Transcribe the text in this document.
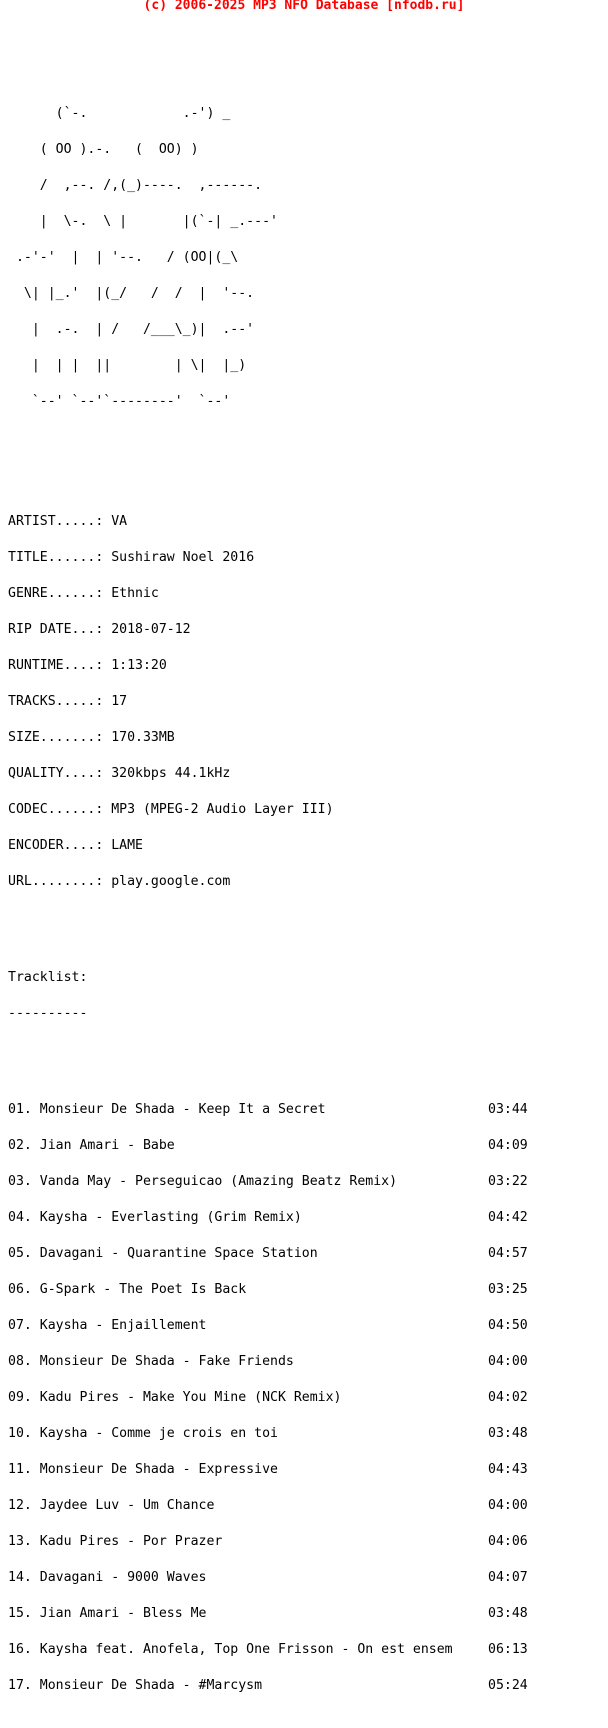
(c) 2006-2025 MP3 NFO Database [nfodb.ru]

(`-.            .-') _

( OO ).-.   (  OO) )

/  ,--. /,(_)----.  ,------.

|  \-.  \ |       |(`-| _.---'

.-'-'  |  | '--.   / (OO|(_\

\| |_.'  |(_/   /  /  |  '--.

|  .-.  | /   /___\_)|  .--'

|  | |  ||        | \|  |_)

`--' `--'`--------'  `--'

ARTIST.....: VA

TITLE......: Sushiraw Noel 2016

GENRE......: Ethnic

RIP DATE...: 2018-07-12

RUNTIME....: 1:13:20

TRACKS.....: 17

SIZE.......: 170.33MB

QUALITY....: 320kbps 44.1kHz

CODEC......: MP3 (MPEG-2 Audio Layer III)

ENCODER....: LAME

URL........: play.google.com

Tracklist:

----------

01. Monsieur De Shada - Keep It a Secret	03:44

02. Jian Amari - Babe	04:09

03. Vanda May - Perseguicao (Amazing Beatz Remix)	03:22

04. Kaysha - Everlasting (Grim Remix)	04:42

05. Davagani - Quarantine Space Station	04:57

06. G-Spark - The Poet Is Back	03:25

07. Kaysha - Enjaillement	04:50

08. Monsieur De Shada - Fake Friends	04:00

09. Kadu Pires - Make You Mine (NCK Remix)	04:02

10. Kaysha - Comme je crois en toi	03:48

11. Monsieur De Shada - Expressive	04:43

12. Jaydee Luv - Um Chance	04:00

13. Kadu Pires - Por Prazer	04:06

14. Davagani - 9000 Waves	04:07

15. Jian Amari - Bless Me	03:48

16. Kaysha feat. Anofela, Top One Frisson - On est ensem	06:13

17. Monsieur De Shada - #Marcysm	05:24
